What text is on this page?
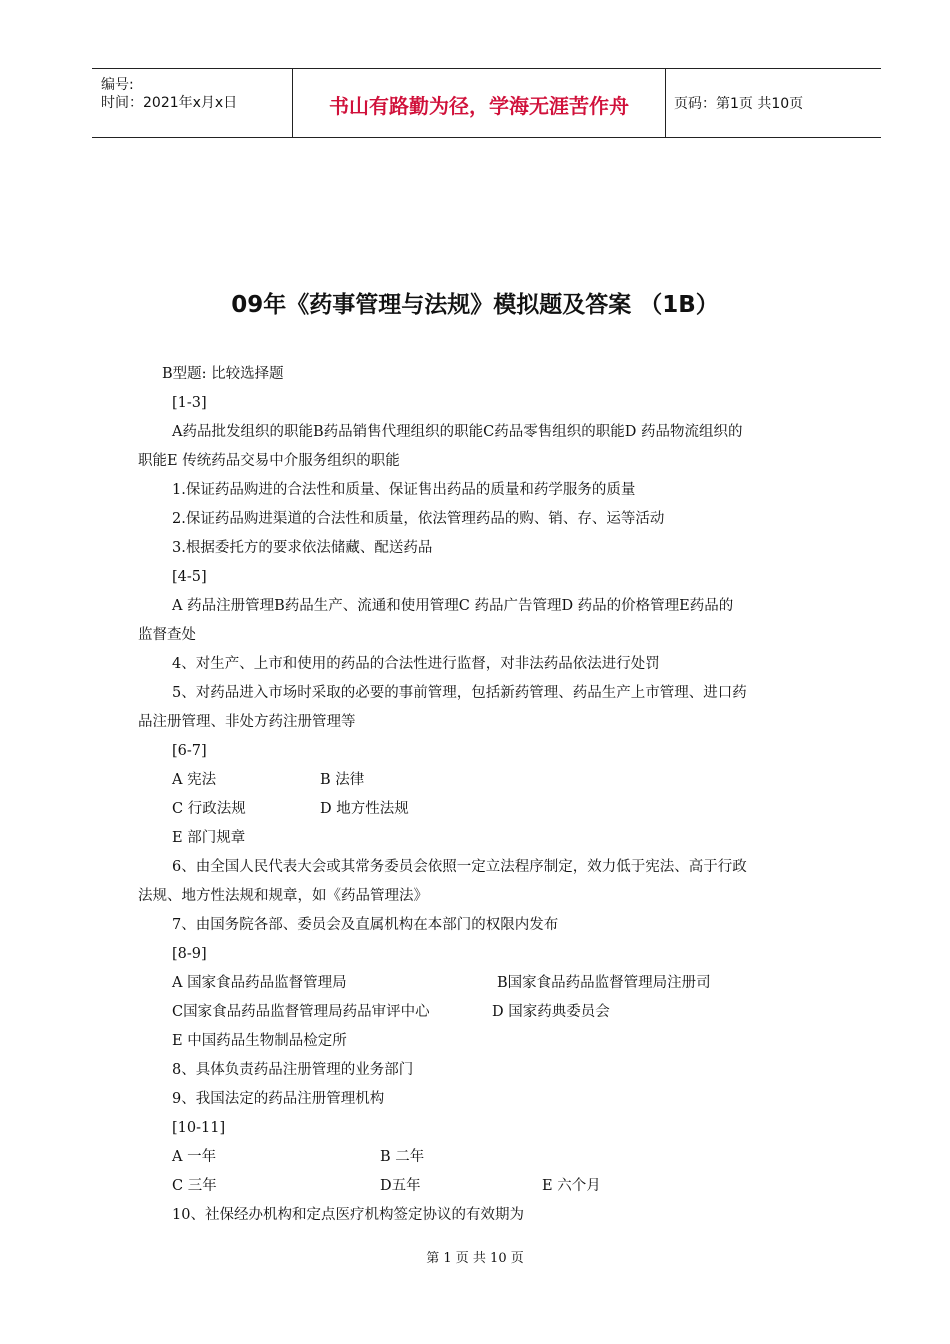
编号:
时间：2021年x月x日	书山有路勤为径，学海无涯苦作舟	页码：第1页 共10页
09年《药事管理与法规》模拟题及答案 （1B）
B型题: 比较选择题
[1-3]
A药品批发组织的职能B药品销售代理组织的职能C药品零售组织的职能D 药品物流组织的
职能E 传统药品交易中介服务组织的职能
1.保证药品购进的合法性和质量、保证售出药品的质量和药学服务的质量
2.保证药品购进渠道的合法性和质量，依法管理药品的购、销、存、运等活动
3.根据委托方的要求依法储藏、配送药品
[4-5]
A 药品注册管理B药品生产、流通和使用管理C 药品广告管理D 药品的价格管理E药品的
监督查处
4、对生产、上市和使用的药品的合法性进行监督，对非法药品依法进行处罚
5、对药品进入市场时采取的必要的事前管理，包括新药管理、药品生产上市管理、进口药
品注册管理、非处方药注册管理等
[6-7]
A 宪法	B 法律
C 行政法规	D 地方性法规
E 部门规章
6、由全国人民代表大会或其常务委员会依照一定立法程序制定，效力低于宪法、高于行政
法规、地方性法规和规章，如《药品管理法》
7、由国务院各部、委员会及直属机构在本部门的权限内发布
[8-9]
A 国家食品药品监督管理局	B国家食品药品监督管理局注册司
C国家食品药品监督管理局药品审评中心	D 国家药典委员会
E 中国药品生物制品检定所
8、具体负责药品注册管理的业务部门
9、我国法定的药品注册管理机构
[10-11]
A 一年	B 二年
C 三年	D五年	E 六个月
10、社保经办机构和定点医疗机构签定协议的有效期为
第 1 页 共 10 页
